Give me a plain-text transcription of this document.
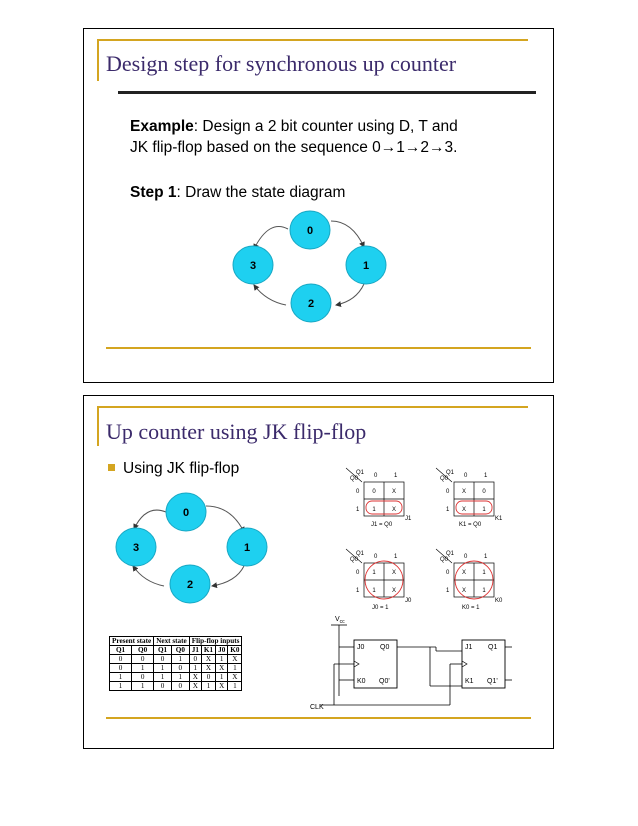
Design step for synchronous up counter
Example: Design a 2 bit counter using D, T and
JK flip-flop based on the sequence 0→1→2→3.
Step 1: Draw the state diagram
0
1
2
3
Up counter using JK flip-flop
Using JK flip-flop
0
1
2
3
Q0
Q1 0	1
0
1
0	X
1	X
J1
J1 = Q0
Q0
Q1 0	1
0
1
X	0
X	1
K1
K1 = Q0
Q0
Q1 0	1
0
1
1	X
1	X
J0
J0 = 1
Q0
Q1 0	1
0
1
X	1
X	1
K0
K0 = 1
$V_{cc}$
J0 Q0
K0 Q0'
J1 Q1
K1 Q1'
CLK
Present state		Next state		Flip-flop inputs			
Q1	Q0	Q1	Q0	J1	K1	J0	K0
0	0	0	1	0	X	1	X
0	1	1	0	1	X	X	1
1	0	1	1	X	0	1	X
1	1	0	0	X	1	X	1
